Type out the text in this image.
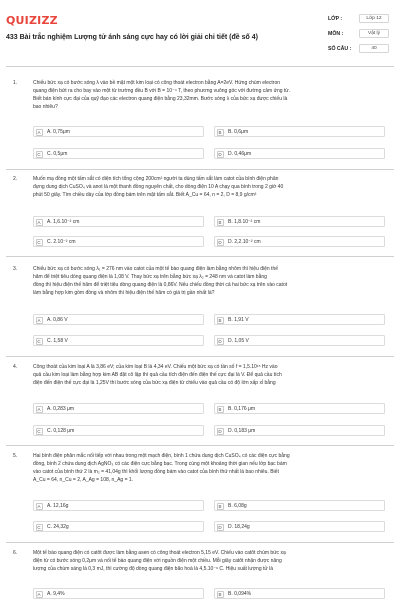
QUIZIZZ
433 Bài trắc nghiệm Lượng tử ánh sáng cực hay có lời giải chi tiết (đề số 4)
LỚP :	Lớp 12
MÔN :	Vật lý
SỐ CÂU :	40
1.	Chiếu bức xạ có bước sóng λ vào bề mặt một kim loại có công thoát electron bằng A=2eV. Hứng chùm electron
quang điện bứt ra cho bay vào một từ trường đều B với B = 10⁻⁴ T, theo phương vuông góc với đường cảm ứng từ.
Biết bán kính cực đại của quỹ đạo các electron quang điện bằng 23,32mm. Bước sóng λ của bức xạ được chiếu là
bao nhiêu?
A	A. 0,75μm	B	B. 0,6μm
C	C. 0,5μm	D	D. 0,46μm
2.	Muốn mạ đồng một tấm sắt có diện tích tổng cộng 200cm² người ta dùng tấm sắt làm catot của bình điện phân
đựng dung dịch CuSO₄ và anot là một thanh đồng nguyên chất, cho dòng điện 10 A chạy qua bình trong 2 giờ 40
phút 50 giây. Tìm chiều dày của lớp đồng bám trên mặt tấm sắt. Biết A_Cu = 64, n = 2, D = 8,9 g/cm³
A	A. 1,6.10⁻² cm	B	B. 1,8.10⁻² cm
C	C. 2.10⁻² cm	D	D. 2,2.10⁻² cm
3.	Chiếu bức xạ có bước sóng λ₁ = 276 nm vào catot của một tế bào quang điện làm bằng nhôm thì hiệu điện thế
hãm để triệt tiêu dòng quang điện là 1,08 V. Thay bức xạ trên bằng bức xạ λ₂ = 248 nm và catot làm bằng
đồng thì hiệu điện thế hãm để triệt tiêu dòng quang điện là 0,86V. Nếu chiếu đồng thời cả hai bức xạ trên vào catot
làm bằng hợp kim gồm đồng và nhôm thì hiệu điện thế hãm có giá trị gần nhất là?
A	A. 0,86 V	B	B. 1,91 V
C	C. 1,58 V	D	D. 1,05 V
4.	Công thoát của kim loại A là 3,86 eV; của kim loại B là 4,34 eV. Chiếu một bức xạ có tần số f = 1,5.10¹⁵ Hz vào
quả cầu kim loại làm bằng hợp kim AB đặt cô lập thì quả cầu tích điện đến điện thế cực đại là V. Để quả cầu tích
điện đến điện thế cực đại là 1,25V thì bước sóng của bức xạ điện từ chiếu vào quả cầu có độ lớn xấp xỉ bằng
A	A. 0,283 μm	B	B. 0,176 μm
C	C. 0,128 μm	D	D. 0,183 μm
5.	Hai bình điện phân mắc nối tiếp với nhau trong một mạch điện, bình 1 chứa dung dịch CuSO₄ có các điện cực bằng
đồng, bình 2 chứa dung dịch AgNO₃ có các điện cực bằng bạc. Trong cùng một khoảng thời gian nếu lớp bạc bám
vào catot của bình thứ 2 là m₂ = 41,04g thì khối lượng đồng bám vào catot của bình thứ nhất là bao nhiêu. Biết
A_Cu = 64, n_Cu = 2, A_Ag = 108, n_Ag = 1.
A	A. 12,16g	B	B. 6,08g
C	C. 24,32g	D	D. 18,24g
6.	Một tế bào quang điện có catôt được làm bằng asen có công thoát electron 5,15 eV. Chiếu vào catôt chùm bức xạ
điện từ có bước sóng 0,2μm và nối tế bào quang điện với nguồn điện một chiều. Mỗi giây catôt nhận được năng
lượng của chùm sáng là 0,3 mJ, thì cường độ dòng quang điện bão hoà là 4,5.10⁻⁶ C. Hiệu suất lượng tử là
A	A. 9,4%	B	B. 0,094%
